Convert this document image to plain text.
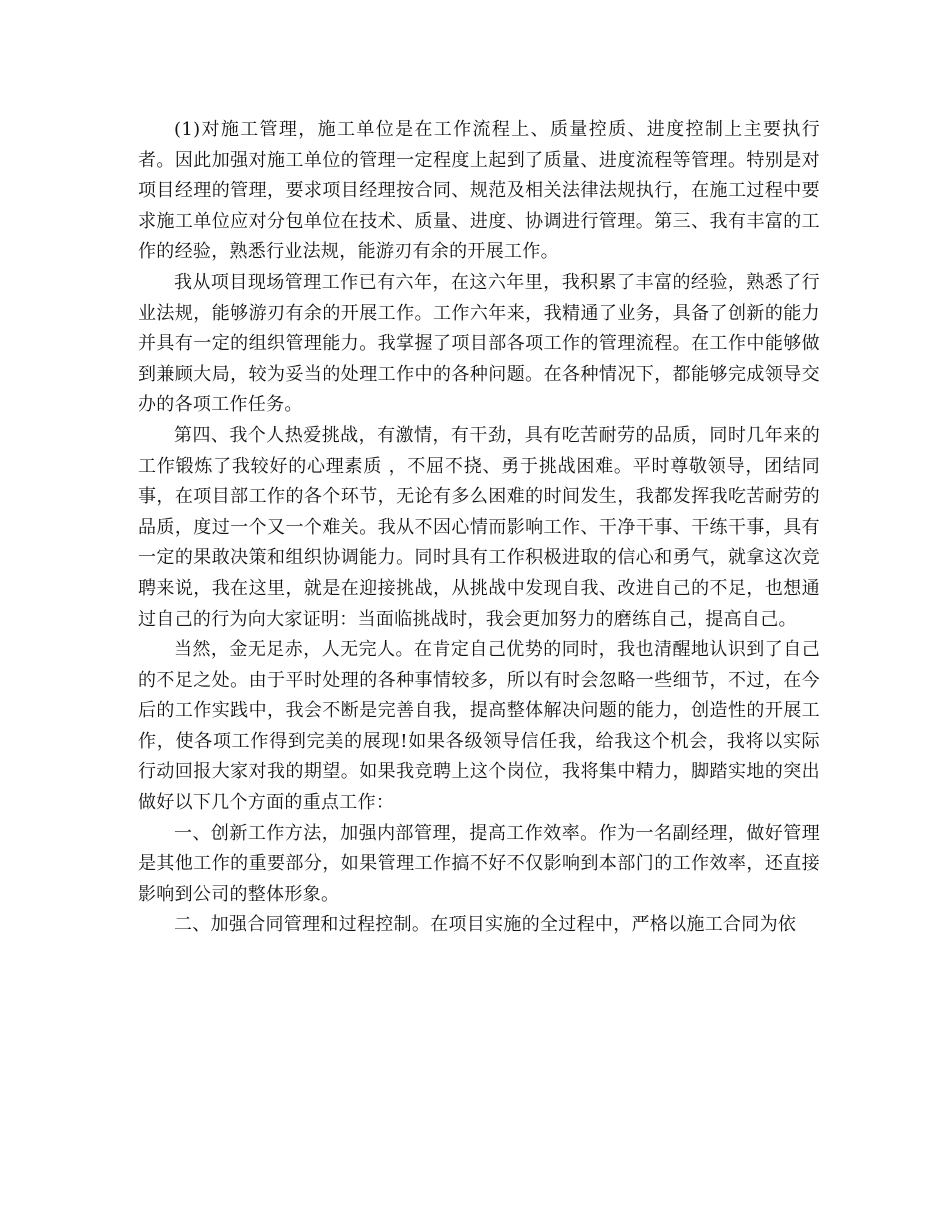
(1)对施工管理，施工单位是在工作流程上、质量控质、进度控制上主要执行者。因此加强对施工单位的管理一定程度上起到了质量、进度流程等管理。特别是对项目经理的管理，要求项目经理按合同、规范及相关法律法规执行，在施工过程中要求施工单位应对分包单位在技术、质量、进度、协调进行管理。第三、我有丰富的工作的经验，熟悉行业法规，能游刃有余的开展工作。

我从项目现场管理工作已有六年，在这六年里，我积累了丰富的经验，熟悉了行业法规，能够游刃有余的开展工作。工作六年来，我精通了业务，具备了创新的能力并具有一定的组织管理能力。我掌握了项目部各项工作的管理流程。在工作中能够做到兼顾大局，较为妥当的处理工作中的各种问题。在各种情况下，都能够完成领导交办的各项工作任务。

第四、我个人热爱挑战，有激情，有干劲，具有吃苦耐劳的品质，同时几年来的工作锻炼了我较好的心理素质 ，不屈不挠、勇于挑战困难。平时尊敬领导，团结同事，在项目部工作的各个环节，无论有多么困难的时间发生，我都发挥我吃苦耐劳的品质，度过一个又一个难关。我从不因心情而影响工作、干净干事、干练干事，具有一定的果敢决策和组织协调能力。同时具有工作积极进取的信心和勇气，就拿这次竞聘来说，我在这里，就是在迎接挑战，从挑战中发现自我、改进自己的不足，也想通过自己的行为向大家证明：当面临挑战时，我会更加努力的磨练自己，提高自己。

当然，金无足赤，人无完人。在肯定自己优势的同时，我也清醒地认识到了自己的不足之处。由于平时处理的各种事情较多，所以有时会忽略一些细节，不过，在今后的工作实践中，我会不断是完善自我，提高整体解决问题的能力，创造性的开展工作，使各项工作得到完美的展现!如果各级领导信任我，给我这个机会，我将以实际行动回报大家对我的期望。如果我竞聘上这个岗位，我将集中精力，脚踏实地的突出做好以下几个方面的重点工作：

一、创新工作方法，加强内部管理，提高工作效率。作为一名副经理，做好管理是其他工作的重要部分，如果管理工作搞不好不仅影响到本部门的工作效率，还直接影响到公司的整体形象。

二、加强合同管理和过程控制。在项目实施的全过程中，严格以施工合同为依
